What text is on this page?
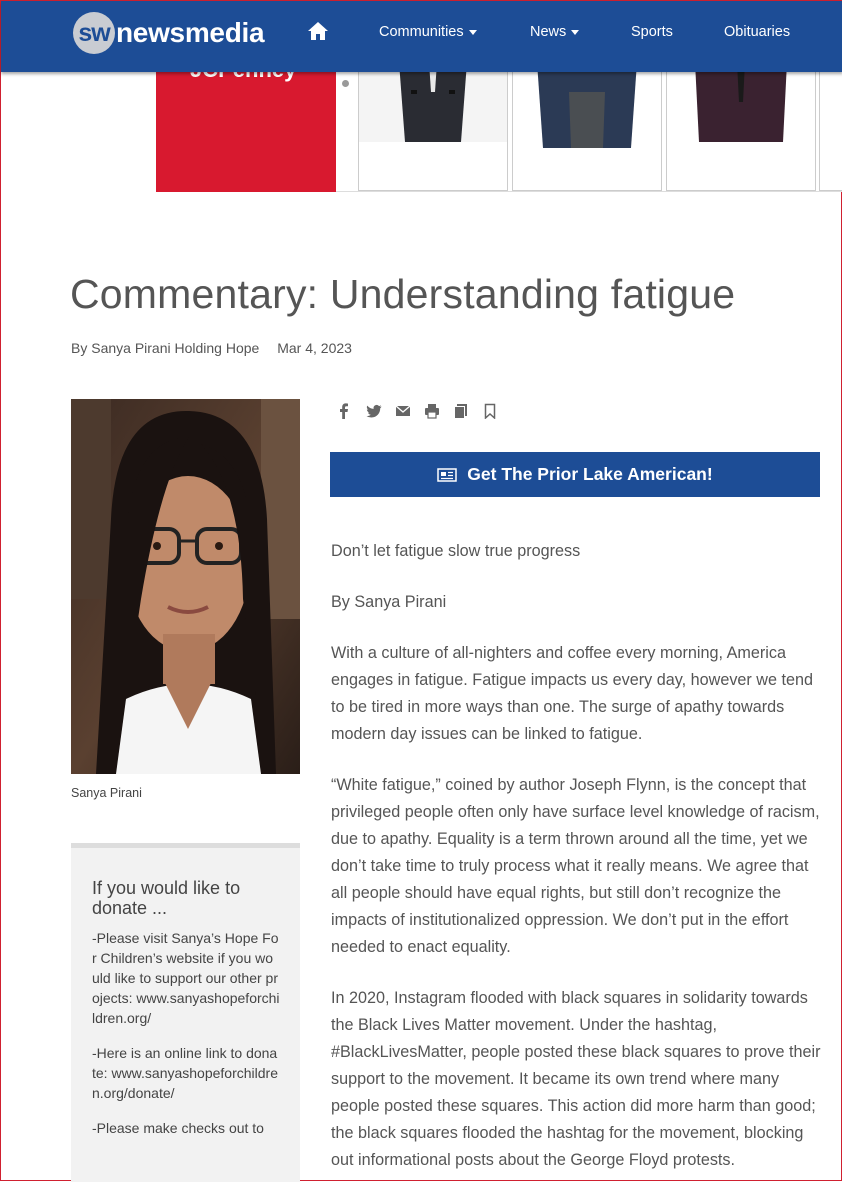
sw newsmedia	Communities	News	Sports	Obituaries
Commentary: Understanding fatigue
By Sanya Pirani Holding Hope Mar 4, 2023
Sanya Pirani
If you would like to donate ...

-Please visit Sanya’s Hope For Children’s website if you would like to support our other projects: www.sanyashopeforchildren.org/

-Here is an online link to donate: www.sanyashopeforchildren.org/donate/

-Please make checks out to

Get The Prior Lake American!

Don’t let fatigue slow true progress

By Sanya Pirani

With a culture of all-nighters and coffee every morning, America engages in fatigue. Fatigue impacts us every day, however we tend to be tired in more ways than one. The surge of apathy towards modern day issues can be linked to fatigue.

“White fatigue,” coined by author Joseph Flynn, is the concept that privileged people often only have surface level knowledge of racism, due to apathy. Equality is a term thrown around all the time, yet we don’t take time to truly process what it really means. We agree that all people should have equal rights, but still don’t recognize the impacts of institutionalized oppression. We don’t put in the effort needed to enact equality.

In 2020, Instagram flooded with black squares in solidarity towards the Black Lives Matter movement. Under the hashtag, #BlackLivesMatter, people posted these black squares to prove their support to the movement. It became its own trend where many people posted these squares. This action did more harm than good; the black squares flooded the hashtag for the movement, blocking out informational posts about the George Floyd protests.
